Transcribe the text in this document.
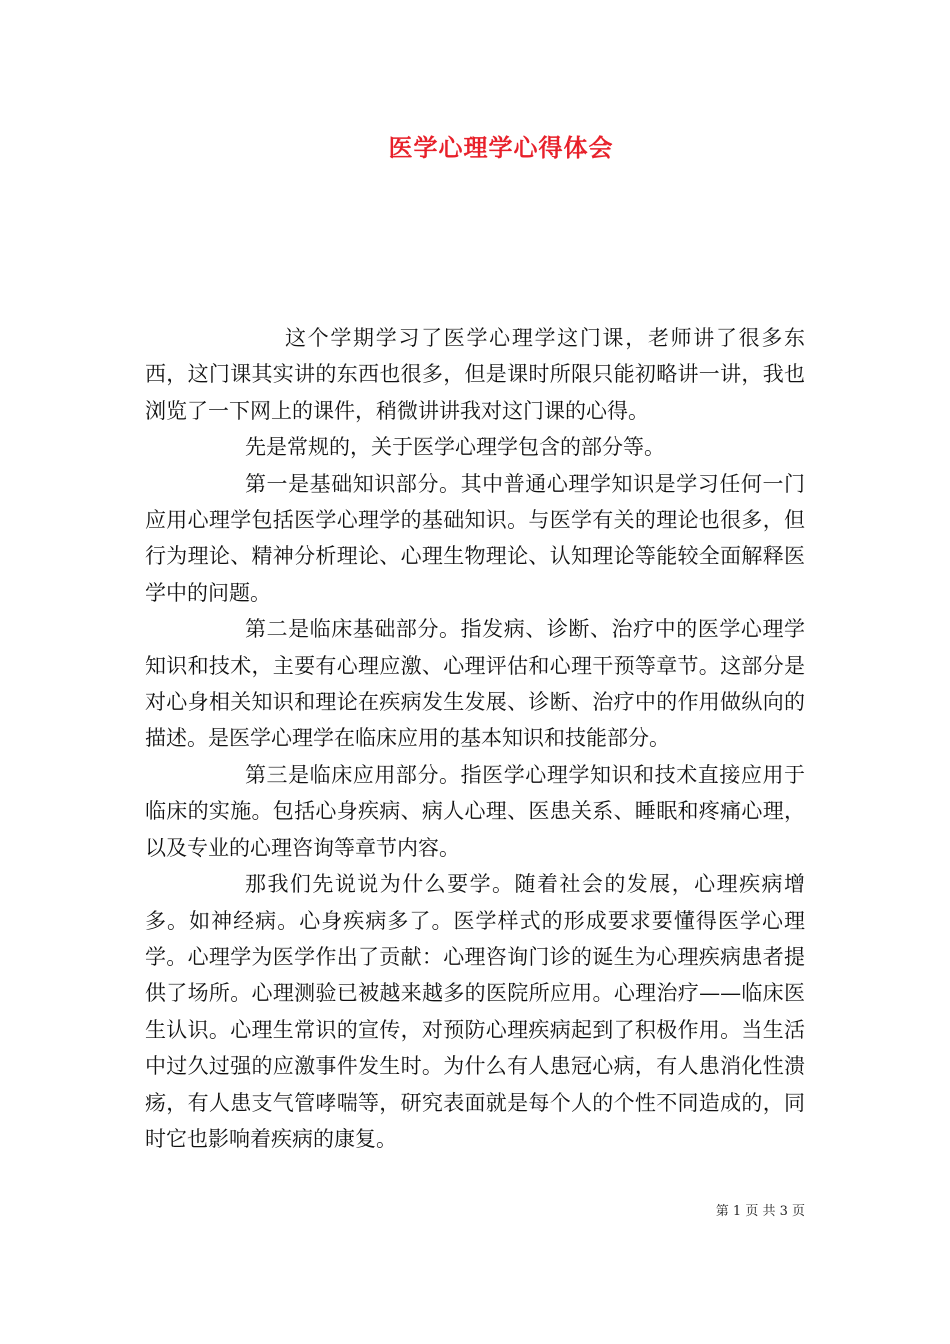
医学心理学心得体会

这个学期学习了医学心理学这门课，老师讲了很多东西，这门课其实讲的东西也很多，但是课时所限只能初略讲一讲，我也浏览了一下网上的课件，稍微讲讲我对这门课的心得。

先是常规的，关于医学心理学包含的部分等。

第一是基础知识部分。其中普通心理学知识是学习任何一门应用心理学包括医学心理学的基础知识。与医学有关的理论也很多，但行为理论、精神分析理论、心理生物理论、认知理论等能较全面解释医学中的问题。

第二是临床基础部分。指发病、诊断、治疗中的医学心理学知识和技术，主要有心理应激、心理评估和心理干预等章节。这部分是对心身相关知识和理论在疾病发生发展、诊断、治疗中的作用做纵向的描述。是医学心理学在临床应用的基本知识和技能部分。

第三是临床应用部分。指医学心理学知识和技术直接应用于临床的实施。包括心身疾病、病人心理、医患关系、睡眠和疼痛心理，以及专业的心理咨询等章节内容。

那我们先说说为什么要学。随着社会的发展，心理疾病增多。如神经病。心身疾病多了。医学样式的形成要求要懂得医学心理学。心理学为医学作出了贡献：心理咨询门诊的诞生为心理疾病患者提供了场所。心理测验已被越来越多的医院所应用。心理治疗——临床医生认识。心理生常识的宣传，对预防心理疾病起到了积极作用。当生活中过久过强的应激事件发生时。为什么有人患冠心病，有人患消化性溃疡，有人患支气管哮喘等，研究表面就是每个人的个性不同造成的，同时它也影响着疾病的康复。

第 1 页 共 3 页
